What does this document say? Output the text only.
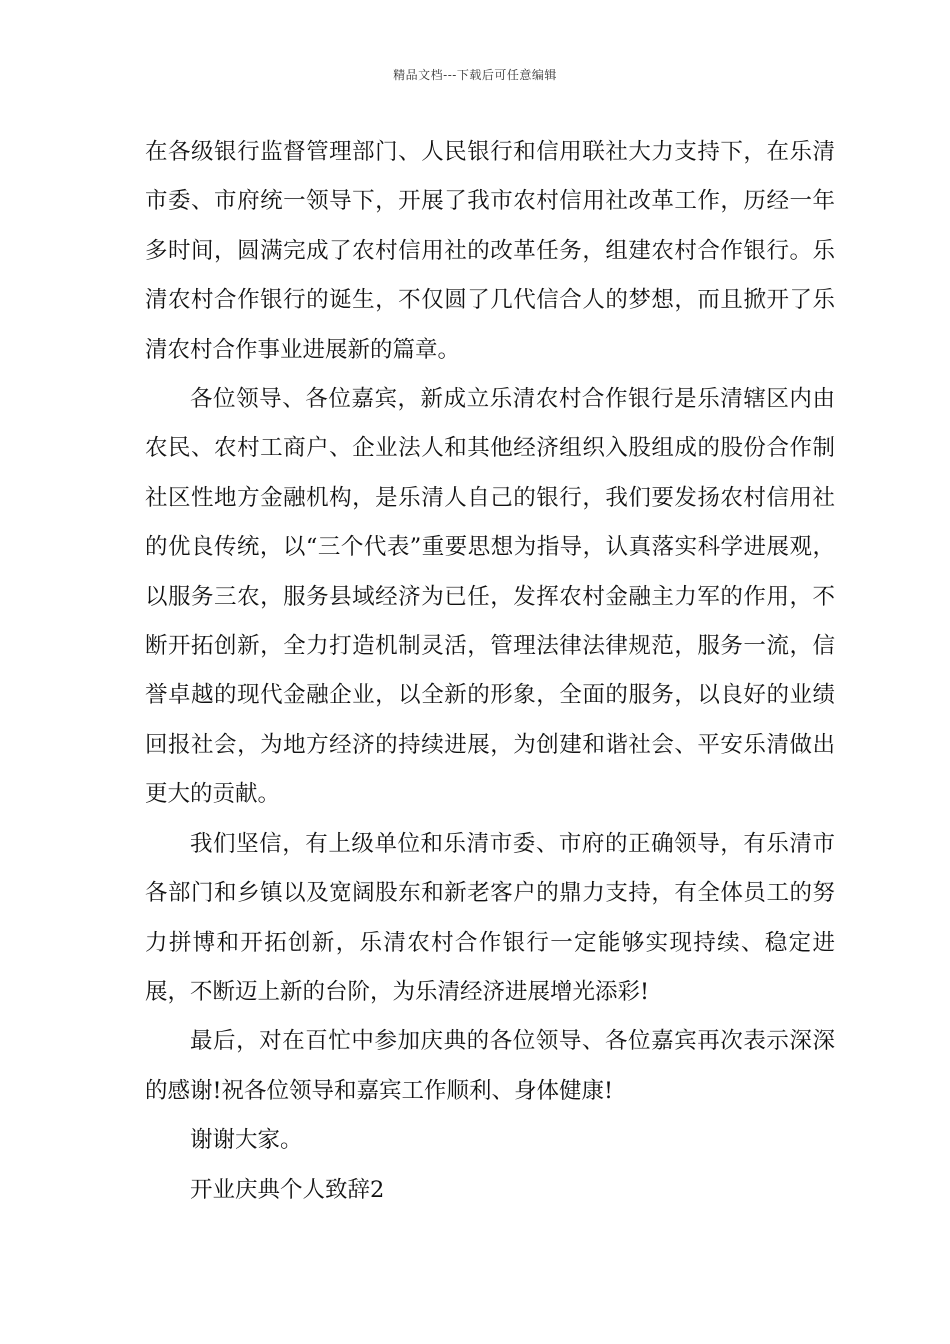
精品文档---下载后可任意编辑

在各级银行监督管理部门、人民银行和信用联社大力支持下，在乐清市委、市府统一领导下，开展了我市农村信用社改革工作，历经一年多时间，圆满完成了农村信用社的改革任务，组建农村合作银行。乐清农村合作银行的诞生，不仅圆了几代信合人的梦想，而且掀开了乐清农村合作事业进展新的篇章。

各位领导、各位嘉宾，新成立乐清农村合作银行是乐清辖区内由农民、农村工商户、企业法人和其他经济组织入股组成的股份合作制社区性地方金融机构，是乐清人自己的银行，我们要发扬农村信用社的优良传统，以“三个代表”重要思想为指导，认真落实科学进展观，以服务三农，服务县域经济为已任，发挥农村金融主力军的作用，不断开拓创新，全力打造机制灵活，管理法律法律规范，服务一流，信誉卓越的现代金融企业，以全新的形象，全面的服务，以良好的业绩回报社会，为地方经济的持续进展，为创建和谐社会、平安乐清做出更大的贡献。

我们坚信，有上级单位和乐清市委、市府的正确领导，有乐清市各部门和乡镇以及宽阔股东和新老客户的鼎力支持，有全体员工的努力拼博和开拓创新，乐清农村合作银行一定能够实现持续、稳定进展，不断迈上新的台阶，为乐清经济进展增光添彩!

最后，对在百忙中参加庆典的各位领导、各位嘉宾再次表示深深的感谢!祝各位领导和嘉宾工作顺利、身体健康!

谢谢大家。

开业庆典个人致辞2
